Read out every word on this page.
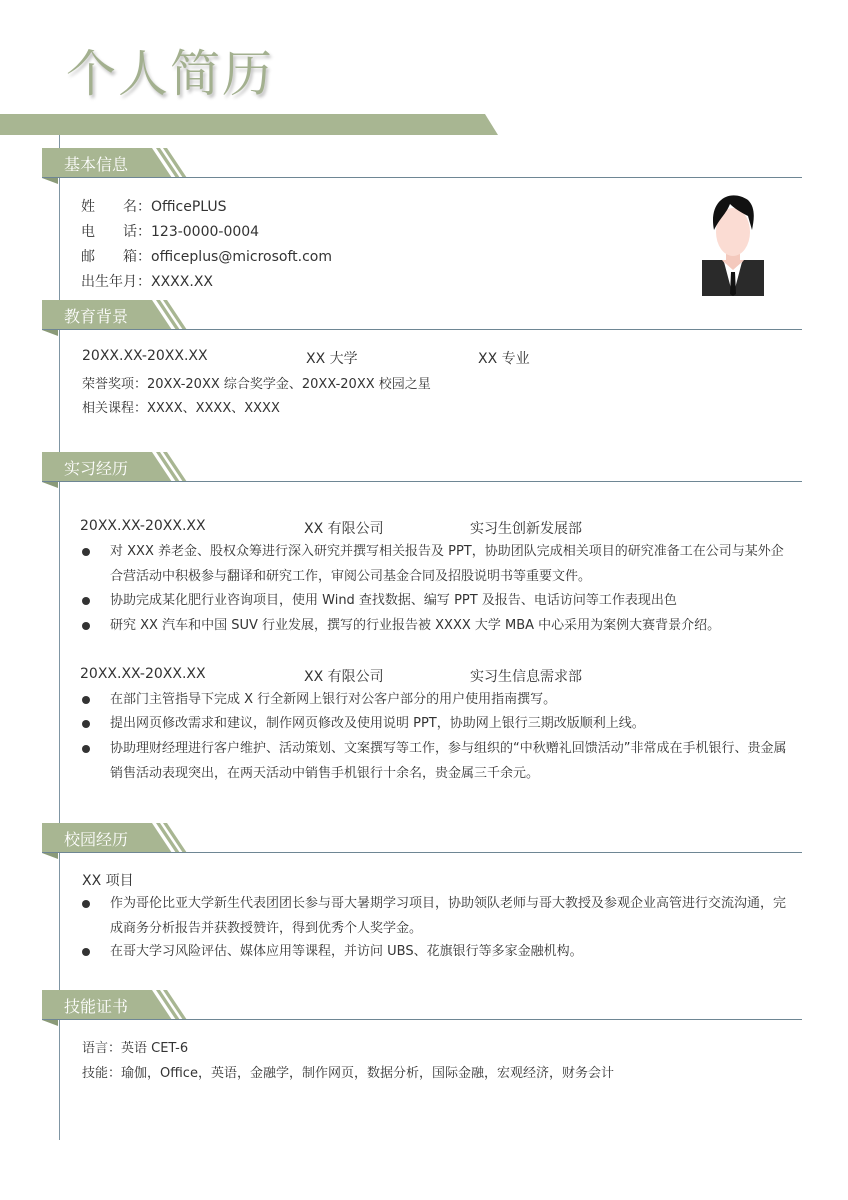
个人简历
基本信息
教育背景
实习经历
校园经历
技能证书
姓　　名：OfficePLUS
电　　话：123-0000-0004
邮　　箱：officeplus@microsoft.com
出生年月：XXXX.XX
20XX.XX-20XX.XX	XX 大学	XX 专业
荣誉奖项：20XX-20XX 综合奖学金、20XX-20XX 校园之星
相关课程：XXXX、XXXX、XXXX
20XX.XX-20XX.XX	XX 有限公司	实习生创新发展部
对 XXX 养老金、股权众筹进行深入研究并撰写相关报告及 PPT，协助团队完成相关项目的研究准备工在公司与某外企合营活动中积极参与翻译和研究工作，审阅公司基金合同及招股说明书等重要文件。
协助完成某化肥行业咨询项目，使用 Wind 查找数据、编写 PPT 及报告、电话访问等工作表现出色
研究 XX 汽车和中国 SUV 行业发展，撰写的行业报告被 XXXX 大学 MBA 中心采用为案例大赛背景介绍。
20XX.XX-20XX.XX	XX 有限公司	实习生信息需求部
在部门主管指导下完成 X 行全新网上银行对公客户部分的用户使用指南撰写。
提出网页修改需求和建议，制作网页修改及使用说明 PPT，协助网上银行三期改版顺利上线。
协助理财经理进行客户维护、活动策划、文案撰写等工作，参与组织的“中秋赠礼回馈活动”非常成在手机银行、贵金属销售活动表现突出，在两天活动中销售手机银行十余名，贵金属三千余元。
XX 项目
作为哥伦比亚大学新生代表团团长参与哥大暑期学习项目，协助领队老师与哥大教授及参观企业高管进行交流沟通，完成商务分析报告并获教授赞许，得到优秀个人奖学金。
在哥大学习风险评估、媒体应用等课程，并访问 UBS、花旗银行等多家金融机构。
语言：英语 CET-6
技能：瑜伽，Office，英语，金融学，制作网页，数据分析，国际金融，宏观经济，财务会计
